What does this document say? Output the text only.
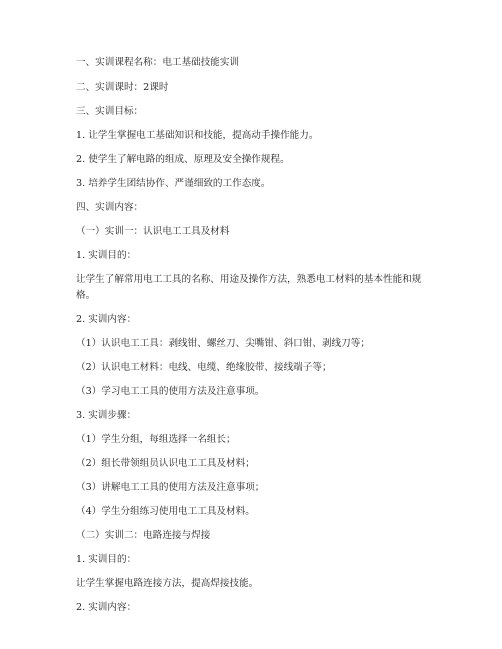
一、实训课程名称：电工基础技能实训
二、实训课时：2课时
三、实训目标：
1. 让学生掌握电工基础知识和技能，提高动手操作能力。
2. 使学生了解电路的组成、原理及安全操作规程。
3. 培养学生团结协作、严谨细致的工作态度。
四、实训内容：
（一）实训一：认识电工工具及材料
1. 实训目的：
让学生了解常用电工工具的名称、用途及操作方法，熟悉电工材料的基本性能和规格。
2. 实训内容：
（1）认识电工工具：剥线钳、螺丝刀、尖嘴钳、斜口钳、剥线刀等；
（2）认识电工材料：电线、电缆、绝缘胶带、接线端子等；
（3）学习电工工具的使用方法及注意事项。
3. 实训步骤：
（1）学生分组，每组选择一名组长；
（2）组长带领组员认识电工工具及材料；
（3）讲解电工工具的使用方法及注意事项；
（4）学生分组练习使用电工工具及材料。
（二）实训二：电路连接与焊接
1. 实训目的：
让学生掌握电路连接方法，提高焊接技能。
2. 实训内容：
